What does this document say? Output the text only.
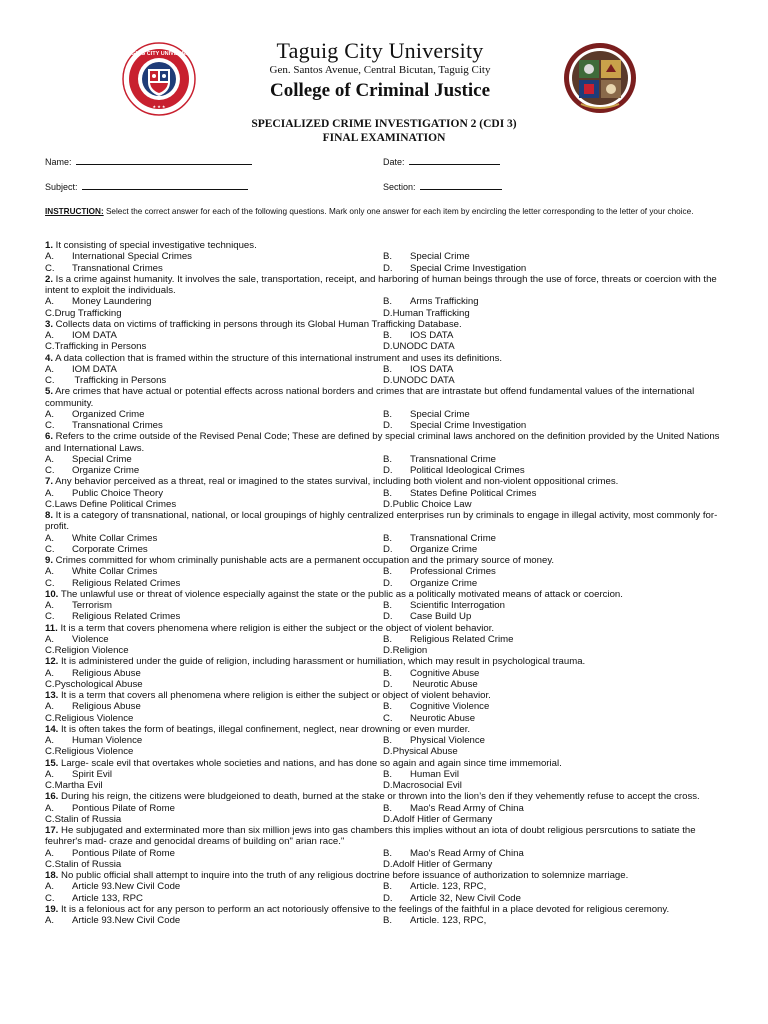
TAGUIG CITY UNIVERSITY
★ ★ ★
Taguig City University
Gen. Santos Avenue, Central Bicutan, Taguig City
College of Criminal Justice
SPECIALIZED CRIME INVESTIGATION 2 (CDI 3)
FINAL EXAMINATION
Name:	Date:
Subject:	Section:
INSTRUCTION: Select the correct answer for each of the following questions. Mark only one answer for each item by encircling the letter corresponding to the letter of your choice.
1. It consisting of special investigative techniques.
A. International Special Crimes	B. Special Crime
C. Transnational Crimes	D. Special Crime Investigation
2. Is a crime against humanity. It involves the sale, transportation, receipt, and harboring of human beings through the use of force, threats or coercion with the intent to exploit the individuals.
A. Money Laundering	B. Arms Trafficking
C.Drug Trafficking	D.Human Trafficking
3. Collects data on victims of trafficking in persons through its Global Human Trafficking Database.
A. IOM DATA	B. IOS DATA
C.Trafficking in Persons	D.UNODC DATA
4. A data collection that is framed within the structure of this international instrument and uses its definitions.
A. IOM DATA	B. IOS DATA
C. Trafficking in Persons	D.UNODC DATA
5. Are crimes that have actual or potential effects across national borders and crimes that are intrastate but offend fundamental values of the international community.
A. Organized Crime	B. Special Crime
C. Transnational Crimes	D. Special Crime Investigation
6. Refers to the crime outside of the Revised Penal Code; These are defined by special criminal laws anchored on the definition provided by the United Nations and International Laws.
A. Special Crime	B. Transnational Crime
C. Organize Crime	D. Political Ideological Crimes
7. Any behavior perceived as a threat, real or imagined to the states survival, including both violent and non-violent oppositional crimes.
A. Public Choice Theory	B. States Define Political Crimes
C.Laws Define Political Crimes	D.Public Choice Law
8. It is a category of transnational, national, or local groupings of highly centralized enterprises run by criminals to engage in illegal activity, most commonly for-profit.
A. White Collar Crimes	B. Transnational Crime
C. Corporate Crimes	D. Organize Crime
9. Crimes committed for whom criminally punishable acts are a permanent occupation and the primary source of money.
A. White Collar Crimes	B. Professional Crimes
C. Religious Related Crimes	D. Organize Crime
10. The unlawful use or threat of violence especially against the state or the public as a politically motivated means of attack or coercion.
A. Terrorism	B. Scientific Interrogation
C. Religious Related Crimes	D. Case Build Up
11. It is a term that covers phenomena where religion is either the subject or the object of violent behavior.
A. Violence	B. Religious Related Crime
C.Religion Violence	D.Religion
12. It is administered under the guide of religion, including harassment or humiliation, which may result in psychological trauma.
A. Religious Abuse	B. Cognitive Abuse
C.Pyschological Abuse	D. Neurotic Abuse
13. It is a term that covers all phenomena where religion is either the subject or object of violent behavior.
A. Religious Abuse	B. Cognitive Violence
C.Religious Violence	C. Neurotic Abuse
14. It is often takes the form of beatings, illegal confinement, neglect, near drowning or even murder.
A. Human Violence	B. Physical Violence
C.Religious Violence	D.Physical Abuse
15. Large- scale evil that overtakes whole societies and nations, and has done so again and again since time immemorial.
A. Spirit Evil	B. Human Evil
C.Martha Evil	D.Macrosocial Evil
16. During his reign, the citizens were bludgeioned to death, burned at the stake or thrown into the lion’s den if they vehemently refuse to accept the cross.
A. Pontious Pilate of Rome	B. Mao's Read Army of China
C.Stalin of Russia	D.Adolf Hitler of Germany
17. He subjugated and exterminated more than six million jews into gas chambers this implies without an iota of doubt religious persrcutions to satiate the feuhrer's mad- craze and genocidal dreams of building on" arian race."
A. Pontious Pilate of Rome	B. Mao's Read Army of China
C.Stalin of Russia	D.Adolf Hitler of Germany
18. No public official shall attempt to inquire into the truth of any religious doctrine before issuance of authorization to solemnize marriage.
A. Article 93.New Civil Code	B. Article. 123, RPC,
C. Article 133, RPC	D. Article 32, New Civil Code
19. It is a felonious act for any person to perform an act notoriously offensive to the feelings of the faithful in a place devoted for religious ceremony.
A. Article 93.New Civil Code	B. Article. 123, RPC,
